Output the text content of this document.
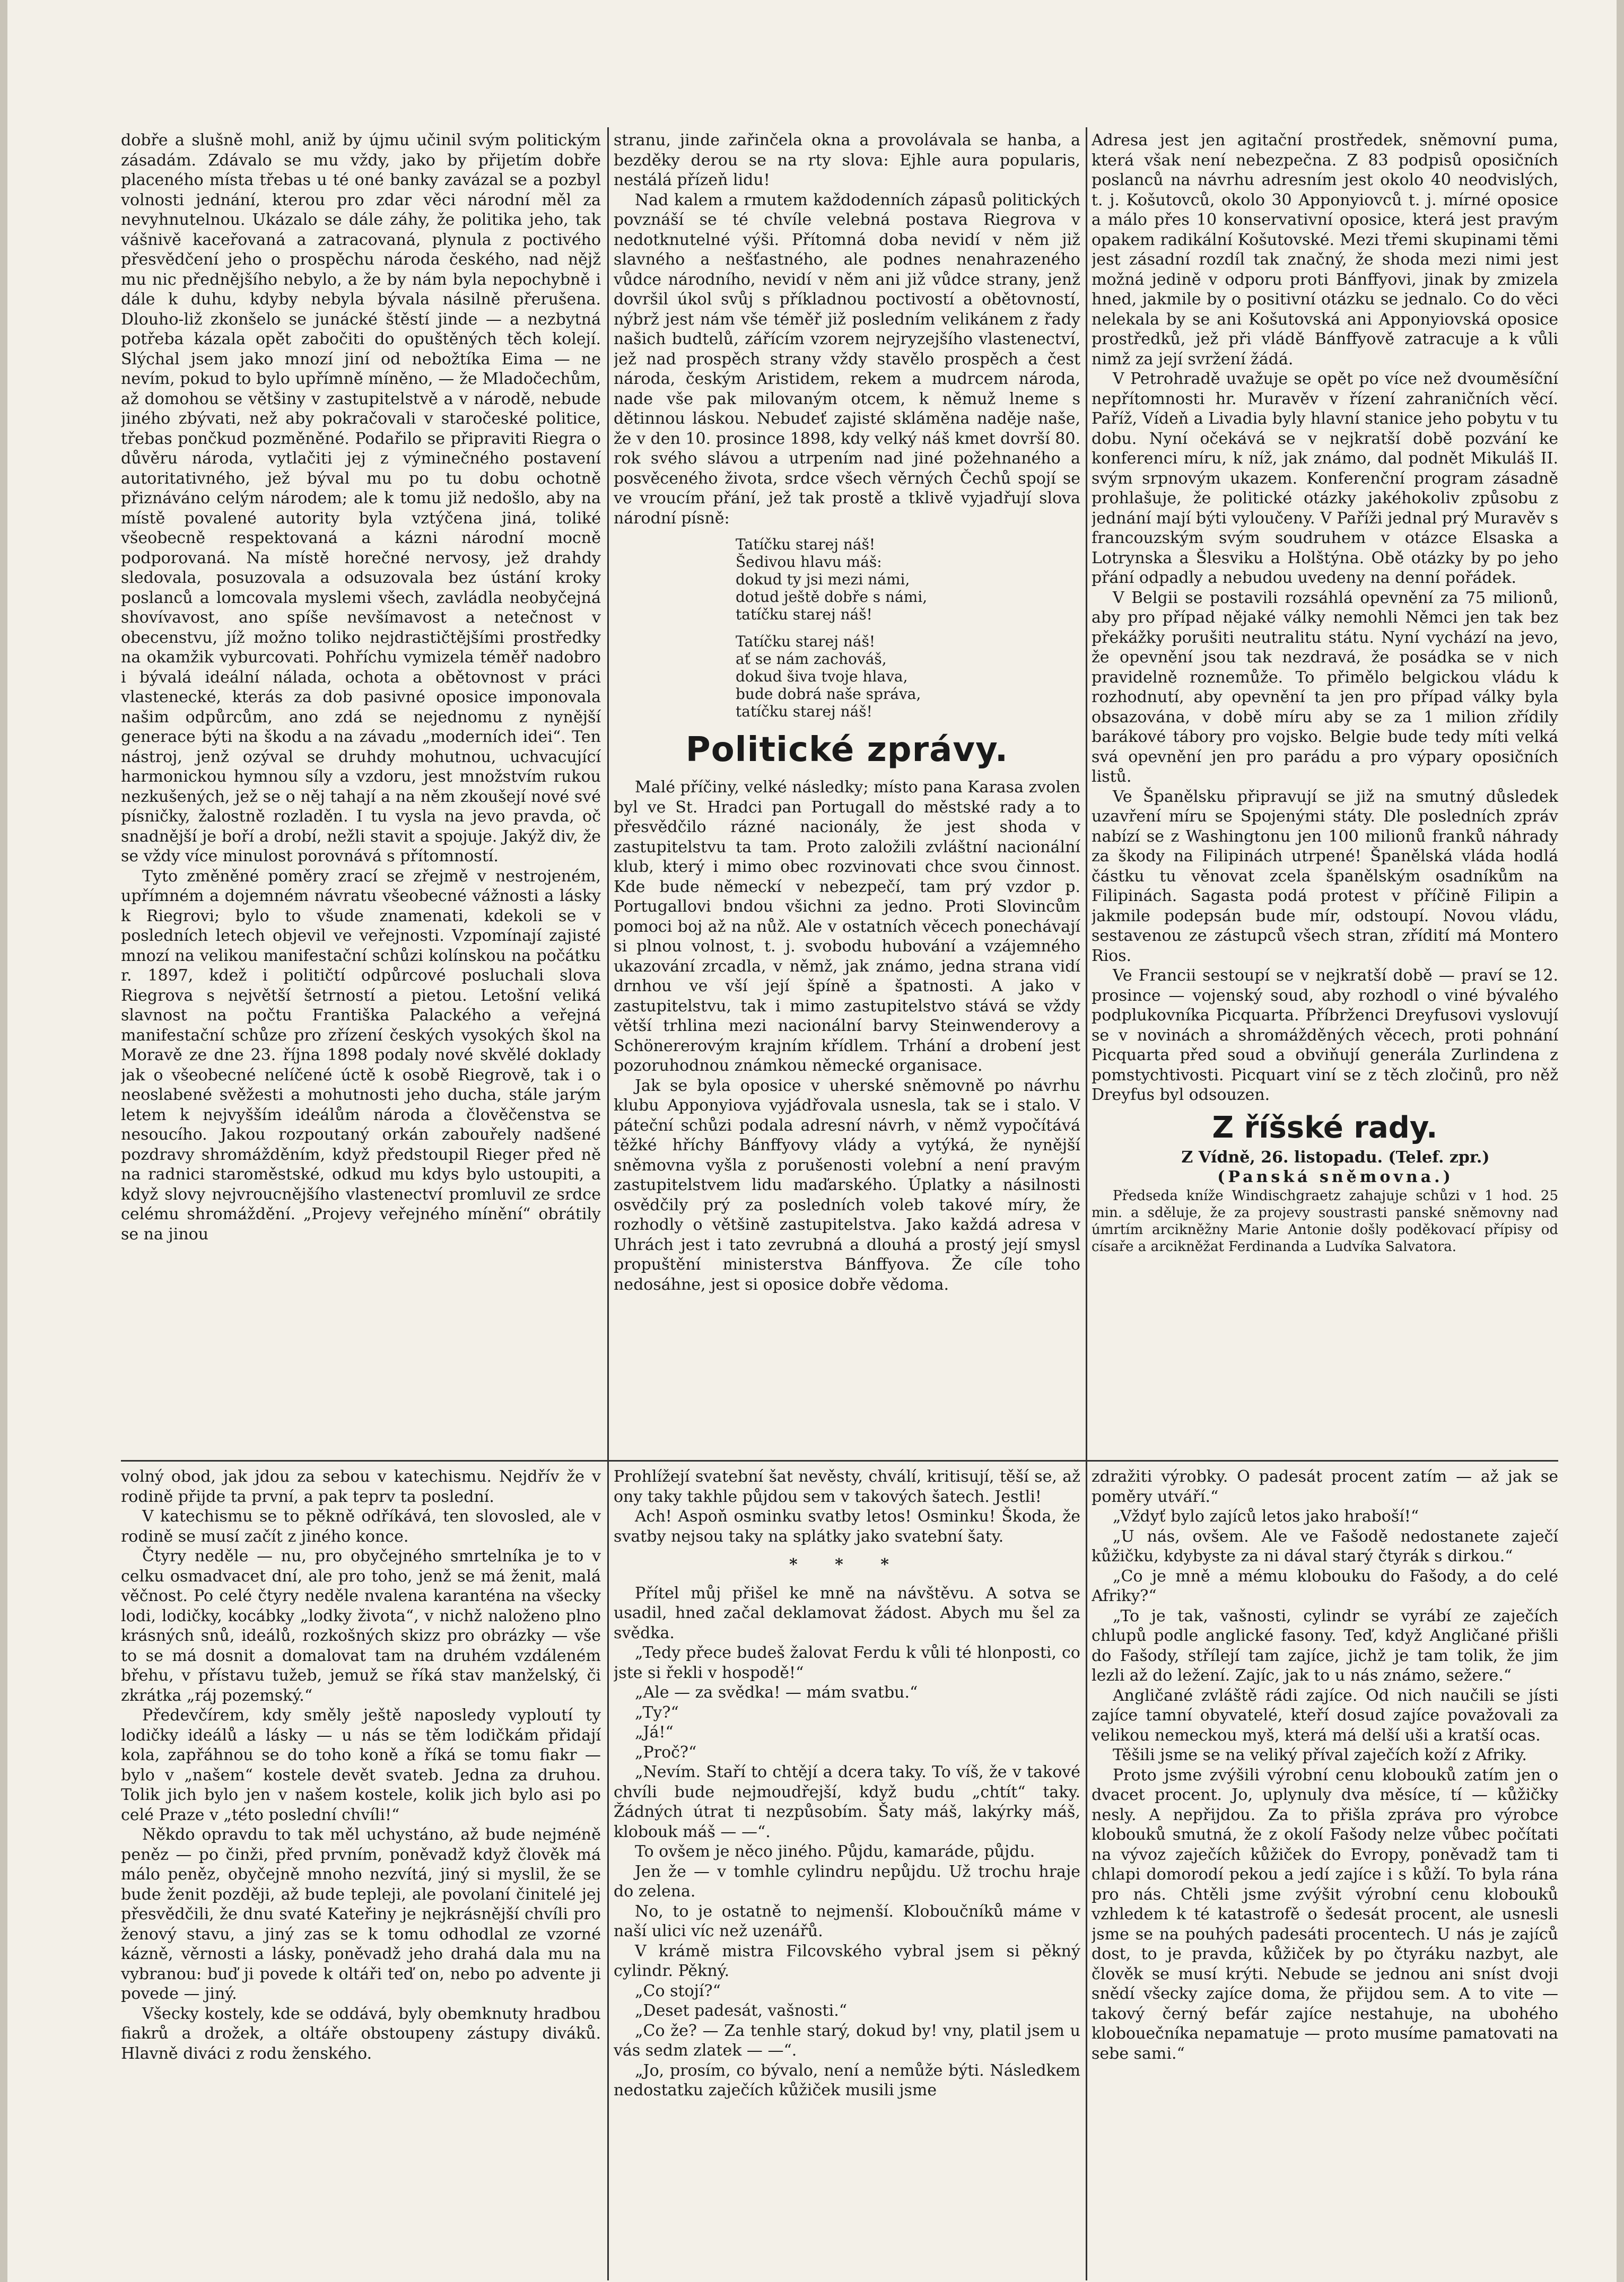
dobře a slušně mohl, aniž by újmu učinil svým politickým zásadám. Zdávalo se mu vždy, jako by přijetím dobře placeného místa třebas u té oné banky zavázal se a pozbyl volnosti jednání, kterou pro zdar věci národní měl za nevyhnutelnou. Ukázalo se dále záhy, že politika jeho, tak vášnivě kaceřovaná a zatracovaná, plynula z poctivého přesvědčení jeho o prospěchu národa českého, nad nějž mu nic přednějšího nebylo, a že by nám byla nepochybně i dále k duhu, kdyby nebyla bývala násilně přerušena. Dlouho-liž zkonšelo se junácké štěstí jinde — a nezbytná potřeba kázala opět zabočiti do opuštěných těch kolejí. Slýchal jsem jako mnozí jiní od nebožtíka Eima — ne nevím, pokud to bylo upřímně míněno, — že Mladočechům, až domohou se většiny v zastupitelstvě a v národě, nebude jiného zbývati, než aby pokračovali v staročeské politice, třebas pončkud pozměněné. Podařilo se připraviti Riegra o důvěru národa, vytlačiti jej z výminečného postavení autoritativného, jež býval mu po tu dobu ochotně přiznáváno celým národem; ale k tomu již nedošlo, aby na místě povalené autority byla vztýčena jiná, toliké všeobecně respektovaná a kázni národní mocně podporovaná. Na místě horečné nervosy, jež drahdy sledovala, posuzovala a odsuzovala bez ústání kroky poslanců a lomcovala myslemi všech, zavládla neobyčejná shovívavost, ano spíše nevšímavost a netečnost v obecenstvu, jíž možno toliko nejdrastičtějšími prostředky na okamžik vyburcovati. Pohříchu vymizela téměř nadobro i bývalá ideální nálada, ochota a obětovnost v práci vlastenecké, kterás za dob pasivné oposice imponovala našim odpůrcům, ano zdá se nejednomu z nynější generace býti na škodu a na závadu „moderních idei“. Ten nástroj, jenž ozýval se druhdy mohutnou, uchvacující harmonickou hymnou síly a vzdoru, jest množstvím rukou nezkušených, jež se o něj tahají a na něm zkoušejí nové své písničky, žalostně rozladěn. I tu vysla na jevo pravda, oč snadnější je boří a drobí, nežli stavit a spojuje. Jakýž div, že se vždy více minulost porovnává s přítomností.

Tyto změněné poměry zrací se zřejmě v nestrojeném, upřímném a dojemném návratu všeobecné vážnosti a lásky k Riegrovi; bylo to všude znamenati, kdekoli se v posledních letech objevil ve veřejnosti. Vzpomínají zajisté mnozí na velikou manifestační schůzi kolínskou na počátku r. 1897, kdež i političtí odpůrcové posluchali slova Riegrova s největší šetrností a pietou. Letošní veliká slavnost na počtu Františka Palackého a veřejná manifestační schůze pro zřízení českých vysokých škol na Moravě ze dne 23. října 1898 podaly nové skvělé doklady jak o všeobecné nelíčené úctě k osobě Riegrově, tak i o neoslabené svěžesti a mohutnosti jeho ducha, stále jarým letem k nejvyšším ideálům národa a člověčenstva se nesoucího. Jakou rozpoutaný orkán zabouřely nadšené pozdravy shromážděním, když předstoupil Rieger před ně na radnici staroměstské, odkud mu kdys bylo ustoupiti, a když slovy nejvroucnějšího vlastenectví promluvil ze srdce celému shromáždění. „Projevy veřejného mínění“ obrátily se na jinou

stranu, jinde zařinčela okna a provolávala se hanba, a bezděky derou se na rty slova: Ejhle aura popularis, nestálá přízeň lidu!

Nad kalem a rmutem každodenních zápasů politických povznáší se té chvíle velebná postava Riegrova v nedotknutelné výši. Přítomná doba nevidí v něm již slavného a nešťastného, ale podnes nenahrazeného vůdce národního, nevidí v něm ani již vůdce strany, jenž dovršil úkol svůj s příkladnou poctivostí a obětovností, nýbrž jest nám vše téměř již posledním velikánem z řady našich budtelů, zářícím vzorem nejryzejšího vlastenectví, jež nad prospěch strany vždy stavělo prospěch a čest národa, českým Aristidem, rekem a mudrcem národa, nade vše pak milovaným otcem, k němuž lneme s dětinnou láskou. Nebudeť zajisté skláměna naděje naše, že v den 10. prosince 1898, kdy velký náš kmet dovrší 80. rok svého slávou a utrpením nad jiné požehnaného a posvěceného života, srdce všech věrných Čechů spojí se ve vroucím přání, jež tak prostě a tklivě vyjadřují slova národní písně:

Tatíčku starej náš!
Šedivou hlavu máš:
dokud ty jsi mezi námi,
dotud ještě dobře s námi,
tatíčku starej náš!
Tatíčku starej náš!
ať se nám zachováš,
dokud šiva tvoje hlava,
bude dobrá naše správa,
tatíčku starej náš!
Politické zprávy.

Malé příčiny, velké následky; místo pana Karasa zvolen byl ve St. Hradci pan Portugall do městské rady a to přesvědčilo rázné nacionály, že jest shoda v zastupitelstvu ta tam. Proto založili zvláštní nacionální klub, který i mimo obec rozvinovati chce svou činnost. Kde bude německí v nebezpečí, tam prý vzdor p. Portugallovi bndou všichni za jedno. Proti Slovincům pomoci boj až na nůž. Ale v ostatních věcech ponechávají si plnou volnost, t. j. svobodu hubování a vzájemného ukazování zrcadla, v němž, jak známo, jedna strana vidí drnhou ve vší její špíně a špatnosti. A jako v zastupitelstvu, tak i mimo zastupitelstvo stává se vždy větší trhlina mezi nacionální barvy Steinwenderovy a Schönererovým krajním křídlem. Trhání a drobení jest pozoruhodnou známkou německé organisace.

Jak se byla oposice v uherské sněmovně po návrhu klubu Apponyiova vyjádřovala usnesla, tak se i stalo. V páteční schůzi podala adresní návrh, v němž vypočítává těžké hříchy Bánffyovy vlády a vytýká, že nynější sněmovna vyšla z porušenosti volební a není pravým zastupitelstvem lidu maďarského. Úplatky a násilnosti osvědčily prý za posledních voleb takové míry, že rozhodly o většině zastupitelstva. Jako každá adresa v Uhrách jest i tato zevrubná a dlouhá a prostý její smysl propuštění ministerstva Bánffyova. Že cíle toho nedosáhne, jest si oposice dobře vědoma.

Adresa jest jen agitační prostředek, sněmovní puma, která však není nebezpečna. Z 83 podpisů oposičních poslanců na návrhu adresním jest okolo 40 neodvislých, t. j. Košutovců, okolo 30 Apponyiovců t. j. mírné oposice a málo přes 10 konservativní oposice, která jest pravým opakem radikální Košutovské. Mezi třemi skupinami těmi jest zásadní rozdíl tak značný, že shoda mezi nimi jest možná jedině v odporu proti Bánffyovi, jinak by zmizela hned, jakmile by o positivní otázku se jednalo. Co do věci nelekala by se ani Košutovská ani Apponyiovská oposice prostředků, jež při vládě Bánffyově zatracuje a k vůli nimž za její svržení žádá.

V Petrohradě uvažuje se opět po více než dvouměsíční nepřítomnosti hr. Muravěv v řízení zahraničních věcí. Paříž, Vídeň a Livadia byly hlavní stanice jeho pobytu v tu dobu. Nyní očekává se v nejkratší době pozvání ke konferenci míru, k níž, jak známo, dal podnět Mikuláš II. svým srpnovým ukazem. Konferenční program zásadně prohlašuje, že politické otázky jakéhokoliv způsobu z jednání mají býti vyloučeny. V Paříži jednal prý Muravěv s francouzským svým soudruhem v otázce Elsaska a Lotrynska a Šlesviku a Holštýna. Obě otázky by po jeho přání odpadly a nebudou uvedeny na denní pořádek.

V Belgii se postavili rozsáhlá opevnění za 75 milionů, aby pro případ nějaké války nemohli Němci jen tak bez překážky porušiti neutralitu státu. Nyní vychází na jevo, že opevnění jsou tak nezdravá, že posádka se v nich pravidelně roznemůže. To přimělo belgickou vládu k rozhodnutí, aby opevnění ta jen pro případ války byla obsazována, v době míru aby se za 1 milion zřídily barákové tábory pro vojsko. Belgie bude tedy míti velká svá opevnění jen pro parádu a pro výpary oposičních listů.

Ve Španělsku připravují se již na smutný důsledek uzavření míru se Spojenými státy. Dle posledních zpráv nabízí se z Washingtonu jen 100 milionů franků náhrady za škody na Filipinách utrpené! Španělská vláda hodlá částku tu věnovat zcela španělským osadníkům na Filipinách. Sagasta podá protest v příčině Filipin a jakmile podepsán bude mír, odstoupí. Novou vládu, sestavenou ze zástupců všech stran, zřídití má Montero Rios.

Ve Francii sestoupí se v nejkratší době — praví se 12. prosince — vojenský soud, aby rozhodl o viné bývalého podplukovníka Picquarta. Příbrženci Dreyfusovi vyslovují se v novinách a shromážděných věcech, proti pohnání Picquarta před soud a obviňují generála Zurlindena z pomstychtivosti. Picquart viní se z těch zločinů, pro něž Dreyfus byl odsouzen.

Z říšské rady.

Z Vídně, 26. listopadu. (Telef. zpr.)

(Panská sněmovna.)

Předseda kníže Windischgraetz zahajuje schůzi v 1 hod. 25 min. a sděluje, že za projevy soustrasti panské sněmovny nad úmrtím arcikněžny Marie Antonie došly poděkovací přípisy od císaře a arcikněžat Ferdinanda a Ludvíka Salvatora.

volný obod, jak jdou za sebou v katechismu. Nejdřív že v rodině přijde ta první, a pak teprv ta poslední.

V katechismu se to pěkně odříkává, ten slovosled, ale v rodině se musí začít z jiného konce.

Čtyry neděle — nu, pro obyčejného smrtelníka je to v celku osmadvacet dní, ale pro toho, jenž se má ženit, malá věčnost. Po celé čtyry neděle nvalena karanténa na všecky lodi, lodičky, kocábky „lodky života“, v nichž naloženo plno krásných snů, ideálů, rozkošných skizz pro obrázky — vše to se má dosnit a domalovat tam na druhém vzdáleném břehu, v přístavu tužeb, jemuž se říká stav manželský, či zkrátka „ráj pozemský.“

Předevčírem, kdy směly ještě naposledy vyploutí ty lodičky ideálů a lásky — u nás se těm lodičkám přidají kola, zapřáhnou se do toho koně a říká se tomu fiakr — bylo v „našem“ kostele devět svateb. Jedna za druhou. Tolik jich bylo jen v našem kostele, kolik jich bylo asi po celé Praze v „této poslední chvíli!“

Někdo opravdu to tak měl uchystáno, až bude nejméně peněz — po činži, před prvním, poněvadž když člověk má málo peněz, obyčejně mnoho nezvítá, jiný si myslil, že se bude ženit později, až bude tepleji, ale povolaní činitelé jej přesvědčili, že dnu svaté Kateřiny je nejkrásnější chvíli pro ženový stavu, a jiný zas se k tomu odhodlal ze vzorné kázně, věrnosti a lásky, poněvadž jeho drahá dala mu na vybranou: buď ji povede k oltáři teď on, nebo po advente ji povede — jiný.

Všecky kostely, kde se oddává, byly obemknuty hradbou fiakrů a drožek, a oltáře obstoupeny zástupy diváků. Hlavně diváci z rodu ženského.

Prohlížejí svatební šat nevěsty, chválí, kritisují, těší se, až ony taky takhle půjdou sem v takových šatech. Jestli!

Ach! Aspoň osminku svatby letos! Osminku! Škoda, že svatby nejsou taky na splátky jako svatební šaty.

* * *

Přítel můj přišel ke mně na návštěvu. A sotva se usadil, hned začal deklamovat žádost. Abych mu šel za svědka.

„Tedy přece budeš žalovat Ferdu k vůli té hlonposti, co jste si řekli v hospodě!“

„Ale — za svědka! — mám svatbu.“

„Ty?“

„Já!“

„Proč?“

„Nevím. Staří to chtějí a dcera taky. To víš, že v takové chvíli bude nejmoudřejší, když budu „chtít“ taky. Žádných útrat ti nezpůsobím. Šaty máš, lakýrky máš, klobouk máš — —“.

To ovšem je něco jiného. Půjdu, kamaráde, půjdu.

Jen že — v tomhle cylindru nepůjdu. Už trochu hraje do zelena.

No, to je ostatně to nejmenší. Kloboučníků máme v naší ulici víc než uzenářů.

V krámě mistra Filcovského vybral jsem si pěkný cylindr. Pěkný.

„Co stojí?“

„Deset padesát, vašnosti.“

„Co že? — Za tenhle starý, dokud by! vny, platil jsem u vás sedm zlatek — —“.

„Jo, prosím, co bývalo, není a nemůže býti. Následkem nedostatku zaječích kůžiček musili jsme

zdražiti výrobky. O padesát procent zatím — až jak se poměry utváří.“

„Vždyť bylo zajíců letos jako hraboší!“

„U nás, ovšem. Ale ve Fašodě nedostanete zaječí kůžičku, kdybyste za ni dával starý čtyrák s dirkou.“

„Co je mně a mému klobouku do Fašody, a do celé Afriky?“

„To je tak, vašnosti, cylindr se vyrábí ze zaječích chlupů podle anglické fasony. Teď, když Angličané přišli do Fašody, střílejí tam zajíce, jichž je tam tolik, že jim lezli až do ležení. Zajíc, jak to u nás známo, sežere.“

Angličané zvláště rádi zajíce. Od nich naučili se jísti zajíce tamní obyvatelé, kteří dosud zajíce považovali za velikou nemeckou myš, která má delší uši a kratší ocas.

Těšili jsme se na veliký příval zaječích koží z Afriky.

Proto jsme zvýšili výrobní cenu klobouků zatím jen o dvacet procent. Jo, uplynuly dva měsíce, tí — kůžičky nesly. A nepřijdou. Za to přišla zpráva pro výrobce klobouků smutná, že z okolí Fašody nelze vůbec počítati na vývoz zaječích kůžiček do Evropy, poněvadž tam ti chlapi domorodí pekou a jedí zajíce i s kůží. To byla rána pro nás. Chtěli jsme zvýšit výrobní cenu klobouků vzhledem k té katastrofě o šedesát procent, ale usnesli jsme se na pouhých padesáti procentech. U nás je zajíců dost, to je pravda, kůžiček by po čtyráku nazbyt, ale člověk se musí krýti. Nebude se jednou ani sníst dvoji snědí všecky zajíce doma, že přijdou sem. A to vite — takový černý befár zajíce nestahuje, na ubohého klobouečníka nepamatuje — proto musíme pamatovati na sebe sami.“
